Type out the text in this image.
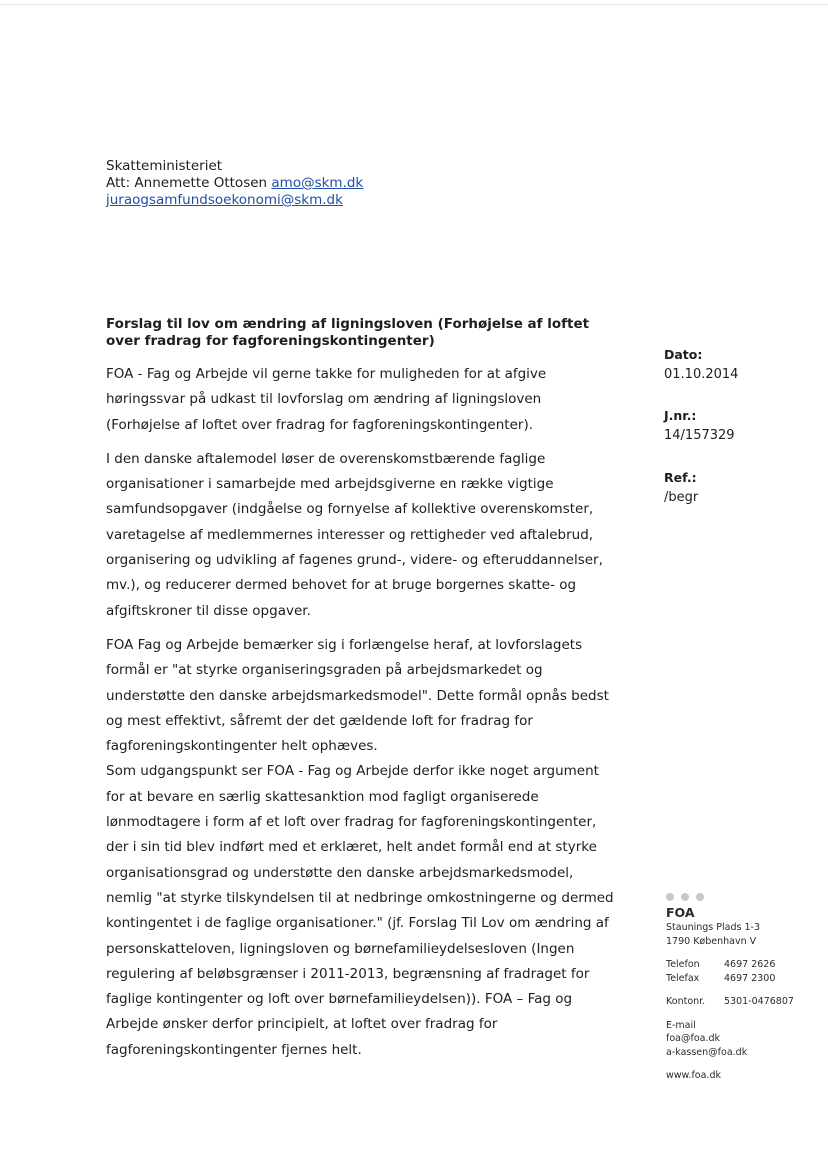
Skatteministeriet
Att: Annemette Ottosen amo@skm.dk
juraogsamfundsoekonomi@skm.dk
Forslag til lov om ændring af ligningsloven (Forhøjelse af loftet over fradrag for fagforeningskontingenter)

FOA - Fag og Arbejde vil gerne takke for muligheden for at afgive høringssvar på udkast til lovforslag om ændring af ligningsloven (Forhøjelse af loftet over fradrag for fagforeningskontingenter).

I den danske aftalemodel løser de overenskomstbærende faglige organisationer i samarbejde med arbejdsgiverne en række vigtige samfundsopgaver (indgåelse og fornyelse af kollektive overenskomster, varetagelse af medlemmernes interesser og rettigheder ved aftalebrud, organisering og udvikling af fagenes grund-, videre- og efteruddannelser, mv.), og reducerer dermed behovet for at bruge borgernes skatte- og afgiftskroner til disse opgaver.

FOA Fag og Arbejde bemærker sig i forlængelse heraf, at lovforslagets formål er "at styrke organiseringsgraden på arbejdsmarkedet og understøtte den danske arbejdsmarkedsmodel". Dette formål opnås bedst og mest effektivt, såfremt der det gældende loft for fradrag for fagforeningskontingenter helt ophæves.

Som udgangspunkt ser FOA - Fag og Arbejde derfor ikke noget argument for at bevare en særlig skattesanktion mod fagligt organiserede lønmodtagere i form af et loft over fradrag for fagforeningskontingenter, der i sin tid blev indført med et erklæret, helt andet formål end at styrke organisationsgrad og understøtte den danske arbejdsmarkedsmodel, nemlig "at styrke tilskyndelsen til at nedbringe omkostningerne og dermed kontingentet i de faglige organisationer." (jf. Forslag Til Lov om ændring af personskatteloven, ligningsloven og børnefamilieydelsesloven (Ingen regulering af beløbsgrænser i 2011-2013, begrænsning af fradraget for faglige kontingenter og loft over børnefamilieydelsen)). FOA – Fag og Arbejde ønsker derfor principielt, at loftet over fradrag for fagforeningskontingenter fjernes helt.

Dato:
01.10.2014
J.nr.:
14/157329
Ref.:
/begr
FOA
Staunings Plads 1-3
1790 København V
Telefon	4697 2626
Telefax	4697 2300
Kontonr.	5301-0476807
E-mail
foa@foa.dk
a-kassen@foa.dk
www.foa.dk
